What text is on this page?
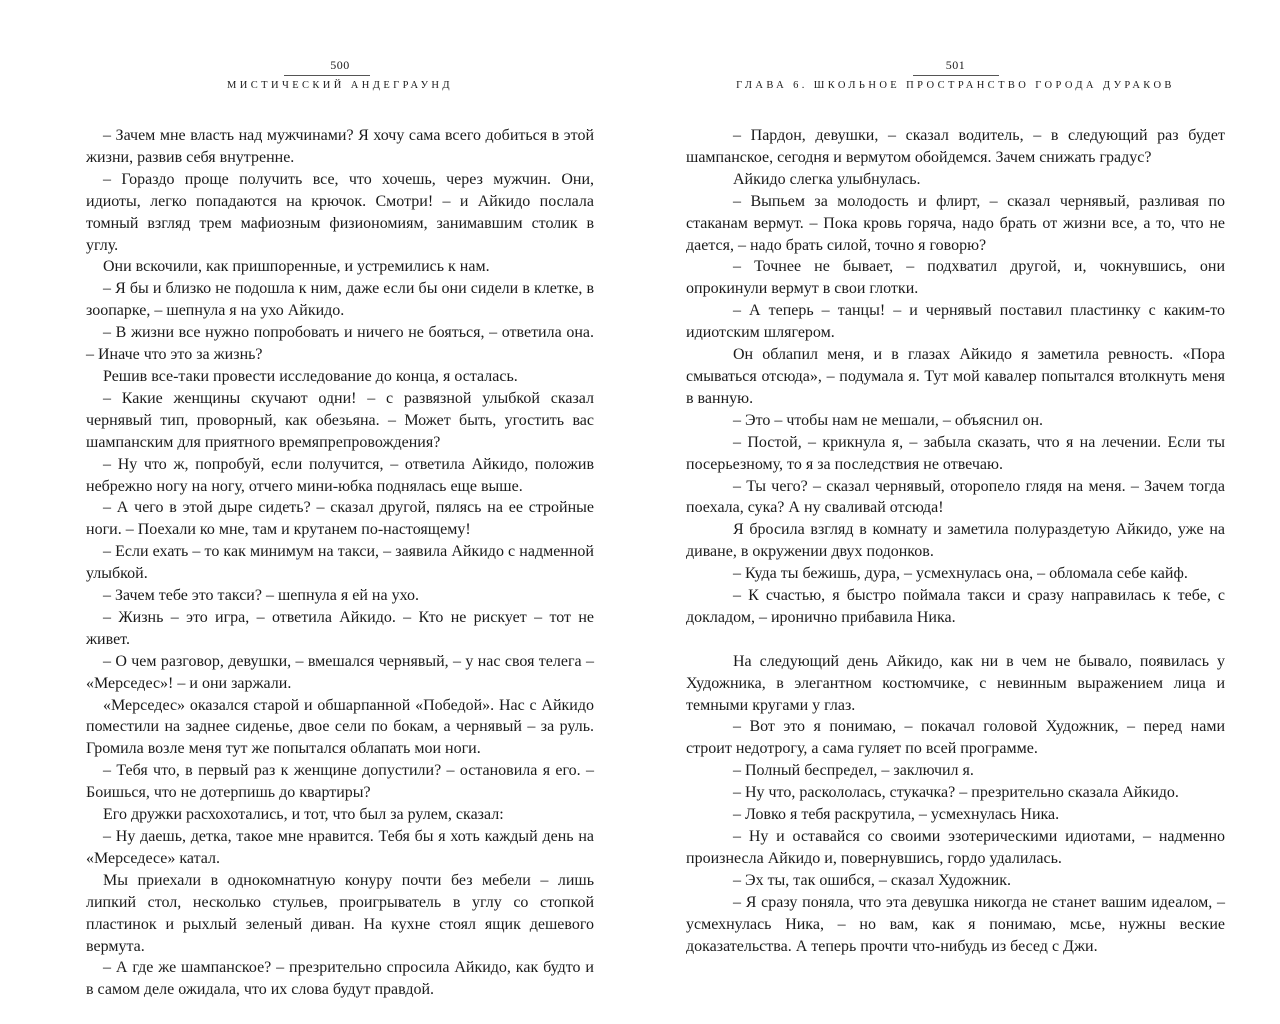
500
МИСТИЧЕСКИЙ АНДЕГРАУНД

– Зачем мне власть над мужчинами? Я хочу сама всего добиться в этой жизни, развив себя внутренне.

– Гораздо проще получить все, что хочешь, через мужчин. Они, идиоты, легко попадаются на крючок. Смотри! – и Айкидо послала томный взгляд трем мафиозным физиономиям, занимавшим столик в углу.

Они вскочили, как пришпоренные, и устремились к нам.

– Я бы и близко не подошла к ним, даже если бы они сидели в клетке, в зоопарке, – шепнула я на ухо Айкидо.

– В жизни все нужно попробовать и ничего не бояться, – ответила она. – Иначе что это за жизнь?

Решив все-таки провести исследование до конца, я осталась.

– Какие женщины скучают одни! – с развязной улыбкой сказал чернявый тип, проворный, как обезьяна. – Может быть, угостить вас шампанским для приятного времяпрепровождения?

– Ну что ж, попробуй, если получится, – ответила Айкидо, положив небрежно ногу на ногу, отчего мини-юбка поднялась еще выше.

– А чего в этой дыре сидеть? – сказал другой, пялясь на ее стройные ноги. – Поехали ко мне, там и крутанем по-настоящему!

– Если ехать – то как минимум на такси, – заявила Айкидо с надменной улыбкой.

– Зачем тебе это такси? – шепнула я ей на ухо.

– Жизнь – это игра, – ответила Айкидо. – Кто не рискует – тот не живет.

– О чем разговор, девушки, – вмешался чернявый, – у нас своя телега – «Мерседес»! – и они заржали.

«Мерседес» оказался старой и обшарпанной «Победой». Нас с Айкидо поместили на заднее сиденье, двое сели по бокам, а чернявый – за руль. Громила возле меня тут же попытался облапать мои ноги.

– Тебя что, в первый раз к женщине допустили? – остановила я его. – Боишься, что не дотерпишь до квартиры?

Его дружки расхохотались, и тот, что был за рулем, сказал:

– Ну даешь, детка, такое мне нравится. Тебя бы я хоть каждый день на «Мерседесе» катал.

Мы приехали в однокомнатную конуру почти без мебели – лишь липкий стол, несколько стульев, проигрыватель в углу со стопкой пластинок и рыхлый зеленый диван. На кухне стоял ящик дешевого вермута.

– А где же шампанское? – презрительно спросила Айкидо, как будто и в самом деле ожидала, что их слова будут правдой.

501
ГЛАВА 6. ШКОЛЬНОЕ ПРОСТРАНСТВО ГОРОДА ДУРАКОВ

– Пардон, девушки, – сказал водитель, – в следующий раз будет шампанское, сегодня и вермутом обойдемся. Зачем снижать градус?

Айкидо слегка улыбнулась.

– Выпьем за молодость и флирт, – сказал чернявый, разливая по стаканам вермут. – Пока кровь горяча, надо брать от жизни все, а то, что не дается, – надо брать силой, точно я говорю?

– Точнее не бывает, – подхватил другой, и, чокнувшись, они опрокинули вермут в свои глотки.

– А теперь – танцы! – и чернявый поставил пластинку с каким-то идиотским шлягером.

Он облапил меня, и в глазах Айкидо я заметила ревность. «Пора смываться отсюда», – подумала я. Тут мой кавалер попытался втолкнуть меня в ванную.

– Это – чтобы нам не мешали, – объяснил он.

– Постой, – крикнула я, – забыла сказать, что я на лечении. Если ты посерьезному, то я за последствия не отвечаю.

– Ты чего? – сказал чернявый, оторопело глядя на меня. – Зачем тогда поехала, сука? А ну сваливай отсюда!

Я бросила взгляд в комнату и заметила полураздетую Айкидо, уже на диване, в окружении двух подонков.

– Куда ты бежишь, дура, – усмехнулась она, – обломала себе кайф.

– К счастью, я быстро поймала такси и сразу направилась к тебе, с докладом, – иронично прибавила Ника.

На следующий день Айкидо, как ни в чем не бывало, появилась у Художника, в элегантном костюмчике, с невинным выражением лица и темными кругами у глаз.

– Вот это я понимаю, – покачал головой Художник, – перед нами строит недотрогу, а сама гуляет по всей программе.

– Полный беспредел, – заключил я.

– Ну что, раскололась, стукачка? – презрительно сказала Айкидо.

– Ловко я тебя раскрутила, – усмехнулась Ника.

– Ну и оставайся со своими эзотерическими идиотами, – надменно произнесла Айкидо и, повернувшись, гордо удалилась.

– Эх ты, так ошибся, – сказал Художник.

– Я сразу поняла, что эта девушка никогда не станет вашим идеалом, – усмехнулась Ника, – но вам, как я понимаю, мсье, нужны веские доказательства. А теперь прочти что-нибудь из бесед с Джи.
